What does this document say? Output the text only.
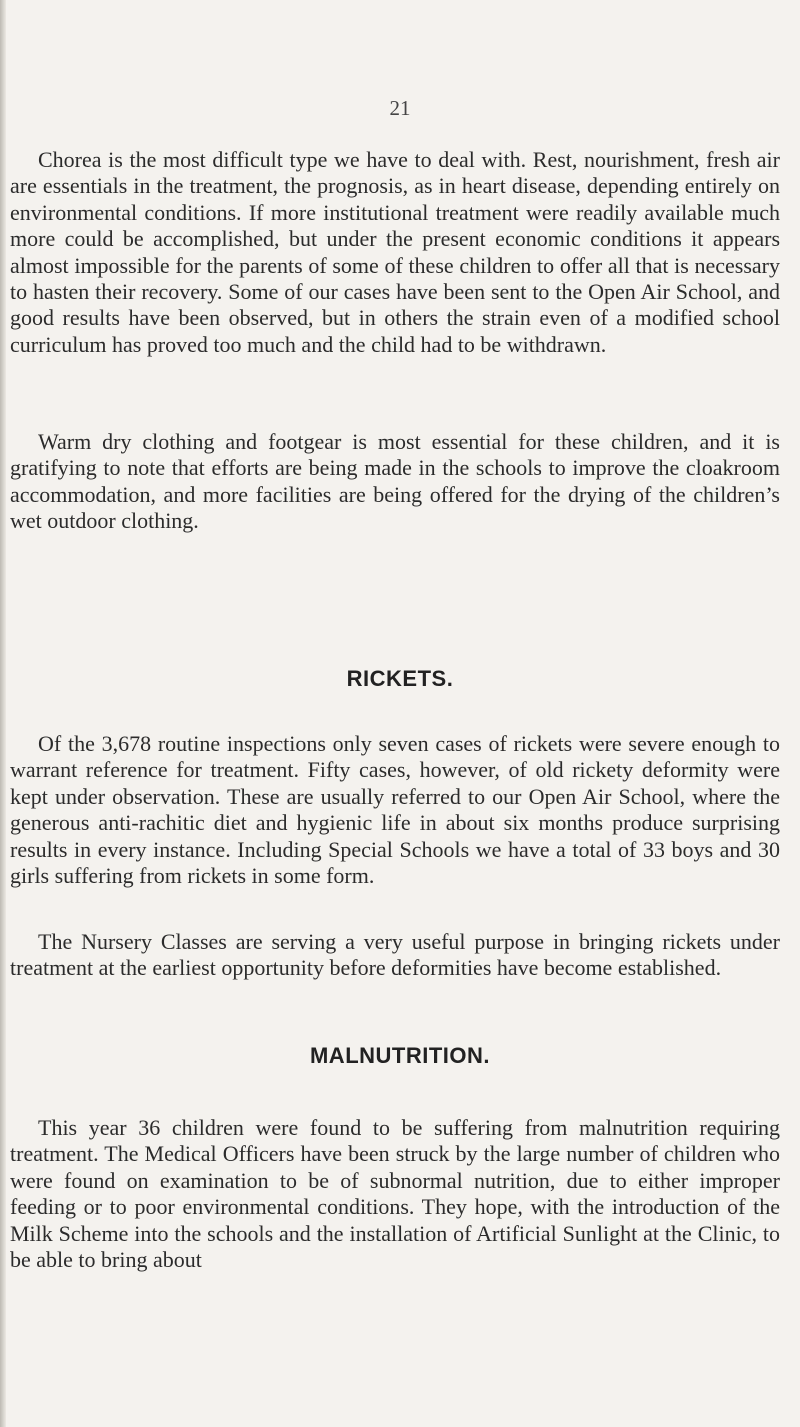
21

Chorea is the most difficult type we have to deal with. Rest, nourishment, fresh air are essentials in the treatment, the prognosis, as in heart disease, depending entirely on environmental conditions. If more institutional treatment were readily available much more could be accomplished, but under the present economic conditions it appears almost impossible for the parents of some of these children to offer all that is necessary to hasten their recovery. Some of our cases have been sent to the Open Air School, and good results have been observed, but in others the strain even of a modified school curriculum has proved too much and the child had to be withdrawn.

Warm dry clothing and footgear is most essential for these children, and it is gratifying to note that efforts are being made in the schools to improve the cloakroom accommodation, and more facilities are being offered for the drying of the children’s wet outdoor clothing.

RICKETS.

Of the 3,678 routine inspections only seven cases of rickets were severe enough to warrant reference for treatment. Fifty cases, however, of old rickety deformity were kept under observation. These are usually referred to our Open Air School, where the generous anti-rachitic diet and hygienic life in about six months produce surprising results in every instance. Including Special Schools we have a total of 33 boys and 30 girls suffering from rickets in some form.

The Nursery Classes are serving a very useful purpose in bringing rickets under treatment at the earliest opportunity before deformities have become established.

MALNUTRITION.

This year 36 children were found to be suffering from malnutrition requiring treatment. The Medical Officers have been struck by the large number of children who were found on examination to be of subnormal nutrition, due to either improper feeding or to poor environmental conditions. They hope, with the introduction of the Milk Scheme into the schools and the installation of Artificial Sunlight at the Clinic, to be able to bring about
